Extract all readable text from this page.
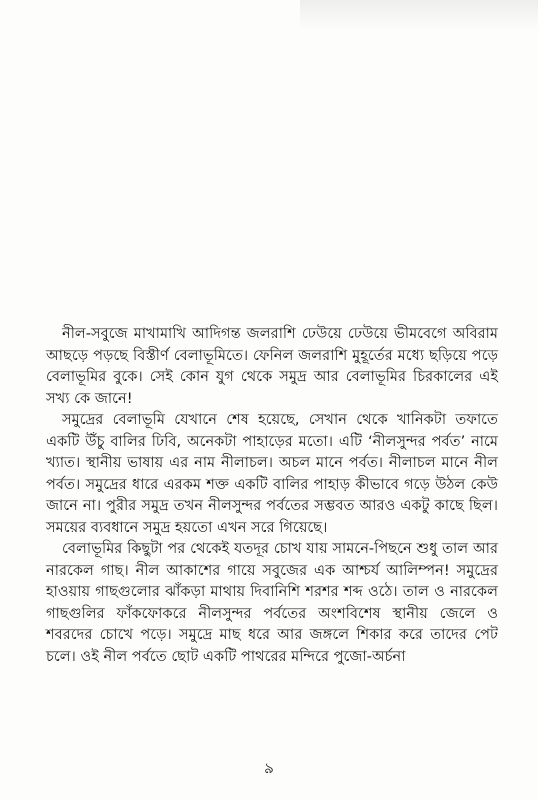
নীল-সবুজে মাখামাখি আদিগন্ত জলরাশি ঢেউয়ে ঢেউয়ে ভীমবেগে অবিরাম আছড়ে পড়ছে বিস্তীর্ণ বেলাভূমিতে। ফেনিল জলরাশি মুহূর্তের মধ্যে ছড়িয়ে পড়ে বেলাভূমির বুকে। সেই কোন যুগ থেকে সমুদ্র আর বেলাভূমির চিরকালের এই সখ্য কে জানে!

সমুদ্রের বেলাভূমি যেখানে শেষ হয়েছে, সেখান থেকে খানিকটা তফাতে একটি উঁচু বালির ঢিবি, অনেকটা পাহাড়ের মতো। এটি ‘নীলসুন্দর পর্বত’ নামে খ্যাত। স্থানীয় ভাষায় এর নাম নীলাচল। অচল মানে পর্বত। নীলাচল মানে নীল পর্বত। সমুদ্রের ধারে এরকম শক্ত একটি বালির পাহাড় কীভাবে গড়ে উঠল কেউ জানে না। পুরীর সমুদ্র তখন নীলসুন্দর পর্বতের সম্ভবত আরও একটু কাছে ছিল। সময়ের ব্যবধানে সমুদ্র হয়তো এখন সরে গিয়েছে।

বেলাভূমির কিছুটা পর থেকেই যতদূর চোখ যায় সামনে-পিছনে শুধু তাল আর নারকেল গাছ। নীল আকাশের গায়ে সবুজের এক আশ্চর্য আলিম্পন! সমুদ্রের হাওয়ায় গাছগুলোর ঝাঁকড়া মাথায় দিবানিশি শরশর শব্দ ওঠে। তাল ও নারকেল গাছগুলির ফাঁকফোকরে নীলসুন্দর পর্বতের অংশবিশেষ স্থানীয় জেলে ও শবরদের চোখে পড়ে। সমুদ্রে মাছ ধরে আর জঙ্গলে শিকার করে তাদের পেট চলে। ওই নীল পর্বতে ছোট একটি পাথরের মন্দিরে পুজো-অর্চনা

৯
